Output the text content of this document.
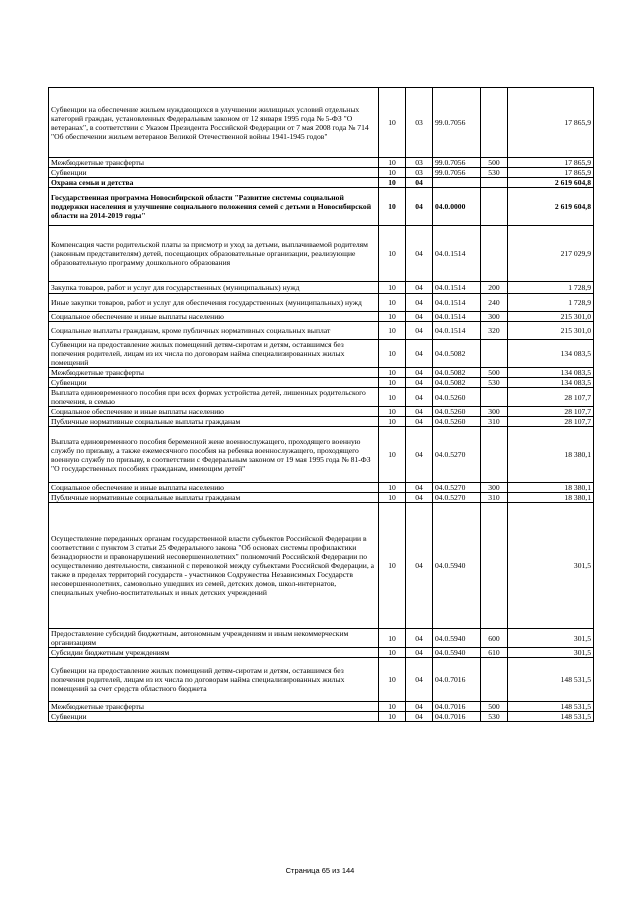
Субвенции на обеспечение жильем нуждающихся в улучшении жилищных условий отдельных категорий граждан, установленных Федеральным законом от 12 января 1995 года № 5-ФЗ "О ветеранах", в соответствии с Указом Президента Российской Федерации от 7 мая 2008 года № 714 "Об обеспечении жильем ветеранов Великой Отечественной войны 1941-1945 годов"	10	03	99.0.7056		17 865,9
Межбюджетные трансферты	10	03	99.0.7056	500	17 865,9
Субвенции	10	03	99.0.7056	530	17 865,9
Охрана семьи и детства	10	04			2 619 604,8
Государственная программа Новосибирской области "Развитие системы социальной поддержки населения и улучшение социального положения семей с детьми в Новосибирской области на 2014-2019 годы"	10	04	04.0.0000		2 619 604,8
Компенсация части родительской платы за присмотр и уход за детьми, выплачиваемой родителям (законным представителям) детей, посещающих образовательные организации, реализующие образовательную программу дошкольного образования	10	04	04.0.1514		217 029,9
Закупка товаров, работ и услуг для государственных (муниципальных) нужд	10	04	04.0.1514	200	1 728,9
Иные закупки товаров, работ и услуг для обеспечения государственных (муниципальных) нужд	10	04	04.0.1514	240	1 728,9
Социальное обеспечение и иные выплаты населению	10	04	04.0.1514	300	215 301,0
Социальные выплаты гражданам, кроме публичных нормативных социальных выплат	10	04	04.0.1514	320	215 301,0
Субвенции на предоставление жилых помещений детям-сиротам и детям, оставшимся без попечения родителей, лицам из их числа по договорам найма специализированных жилых помещений	10	04	04.0.5082		134 083,5
Межбюджетные трансферты	10	04	04.0.5082	500	134 083,5
Субвенции	10	04	04.0.5082	530	134 083,5
Выплата единовременного пособия при всех формах устройства детей, лишенных родительского попечения, в семью	10	04	04.0.5260		28 107,7
Социальное обеспечение и иные выплаты населению	10	04	04.0.5260	300	28 107,7
Публичные нормативные социальные выплаты гражданам	10	04	04.0.5260	310	28 107,7
Выплата единовременного пособия беременной жене военнослужащего, проходящего военную службу по призыву, а также ежемесячного пособия на ребенка военнослужащего, проходящего военную службу по призыву, в соответствии с Федеральным законом от 19 мая 1995 года № 81-ФЗ "О государственных пособиях гражданам, имеющим детей"	10	04	04.0.5270		18 380,1
Социальное обеспечение и иные выплаты населению	10	04	04.0.5270	300	18 380,1
Публичные нормативные социальные выплаты гражданам	10	04	04.0.5270	310	18 380,1
Осуществление переданных органам государственной власти субъектов Российской Федерации в соответствии с пунктом 3 статьи 25 Федерального закона "Об основах системы профилактики безнадзорности и правонарушений несовершеннолетних" полномочий Российской Федерации по осуществлению деятельности, связанной с перевозкой между субъектами Российской Федерации, а также в пределах территорий государств - участников Содружества Независимых Государств несовершеннолетних, самовольно ушедших из семей, детских домов, школ-интернатов, специальных учебно-воспитательных и иных детских учреждений	10	04	04.0.5940		301,5
Предоставление субсидий бюджетным, автономным учреждениям и иным некоммерческим организациям	10	04	04.0.5940	600	301,5
Субсидии бюджетным учреждениям	10	04	04.0.5940	610	301,5
Субвенции на предоставление жилых помещений детям-сиротам и детям, оставшимся без попечения родителей, лицам из их числа по договорам найма специализированных жилых помещений за счет средств областного бюджета	10	04	04.0.7016		148 531,5
Межбюджетные трансферты	10	04	04.0.7016	500	148 531,5
Субвенции	10	04	04.0.7016	530	148 531,5
Страница 65 из 144
